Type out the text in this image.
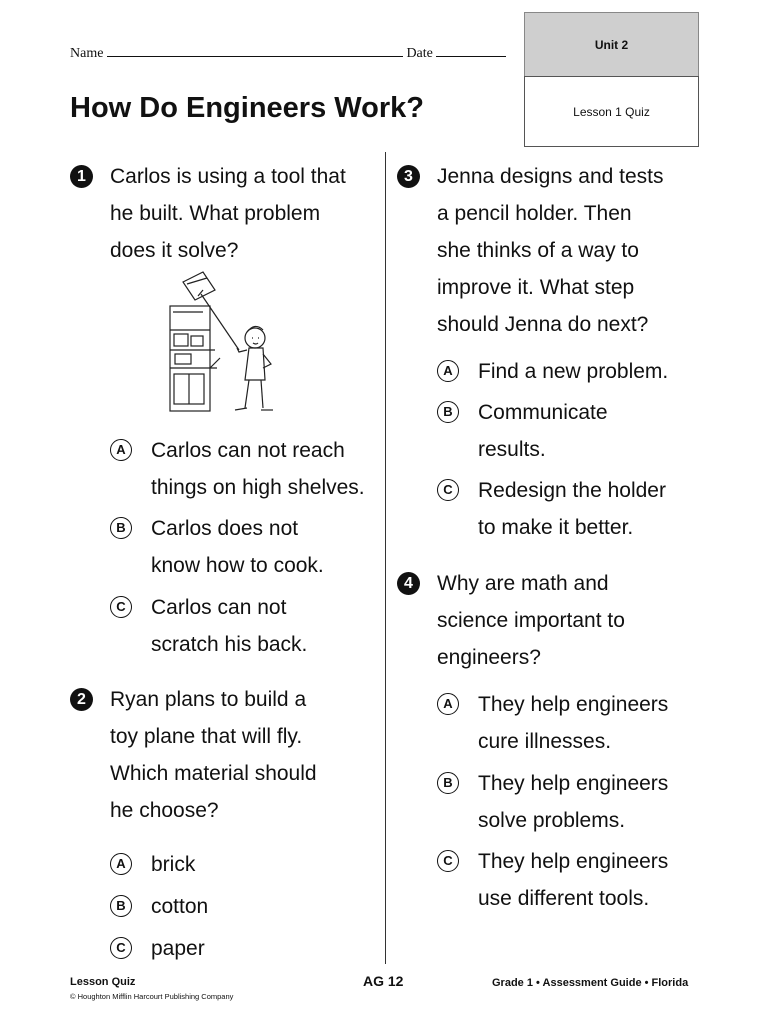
Name	Date
Unit 2
Lesson 1 Quiz
How Do Engineers Work?
1	Carlos is using a tool that
he built. What problem
does it solve?
A	Carlos can not reach
things on high shelves.
B	Carlos does not
know how to cook.
C	Carlos can not
scratch his back.
2	Ryan plans to build a
toy plane that will fly.
Which material should
he choose?
A	brick
B	cotton
C	paper
3	Jenna designs and tests
a pencil holder. Then
she thinks of a way to
improve it. What step
should Jenna do next?
A	Find a new problem.
B	Communicate
results.
C	Redesign the holder
to make it better.
4	Why are math and
science important to
engineers?
A	They help engineers
cure illnesses.
B	They help engineers
solve problems.
C	They help engineers
use different tools.
Lesson Quiz
© Houghton Mifflin Harcourt Publishing Company
AG 12	Grade 1 • Assessment Guide • Florida
